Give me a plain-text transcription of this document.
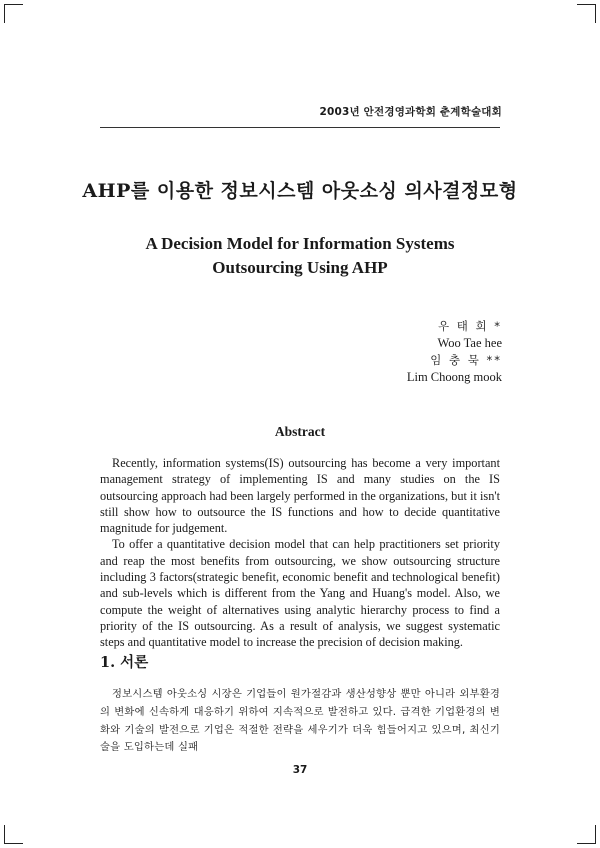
2003년 안전경영과학회 춘계학술대회
AHP를 이용한 정보시스템 아웃소싱 의사결정모형
A Decision Model for Information Systems
Outsourcing Using AHP
우 태 희 *
Woo Tae hee
임 충 묵 **
Lim Choong mook
Abstract

Recently, information systems(IS) outsourcing has become a very important management strategy of implementing IS and many studies on the IS outsourcing approach had been largely performed in the organizations, but it isn't still show how to outsource the IS functions and how to decide quantitative magnitude for judgement.

To offer a quantitative decision model that can help practitioners set priority and reap the most benefits from outsourcing, we show outsourcing structure including 3 factors(strategic benefit, economic benefit and technological benefit) and sub-levels which is different from the Yang and Huang's model. Also, we compute the weight of alternatives using analytic hierarchy process to find a priority of the IS outsourcing. As a result of analysis, we suggest systematic steps and quantitative model to increase the precision of decision making.

1. 서론

정보시스템 아웃소싱 시장은 기업들이 원가절감과 생산성향상 뿐만 아니라 외부환경의 변화에 신속하게 대응하기 위하여 지속적으로 발전하고 있다. 급격한 기업환경의 변화와 기술의 발전으로 기업은 적절한 전략을 세우기가 더욱 힘들어지고 있으며, 최신기술을 도입하는데 실패

37
